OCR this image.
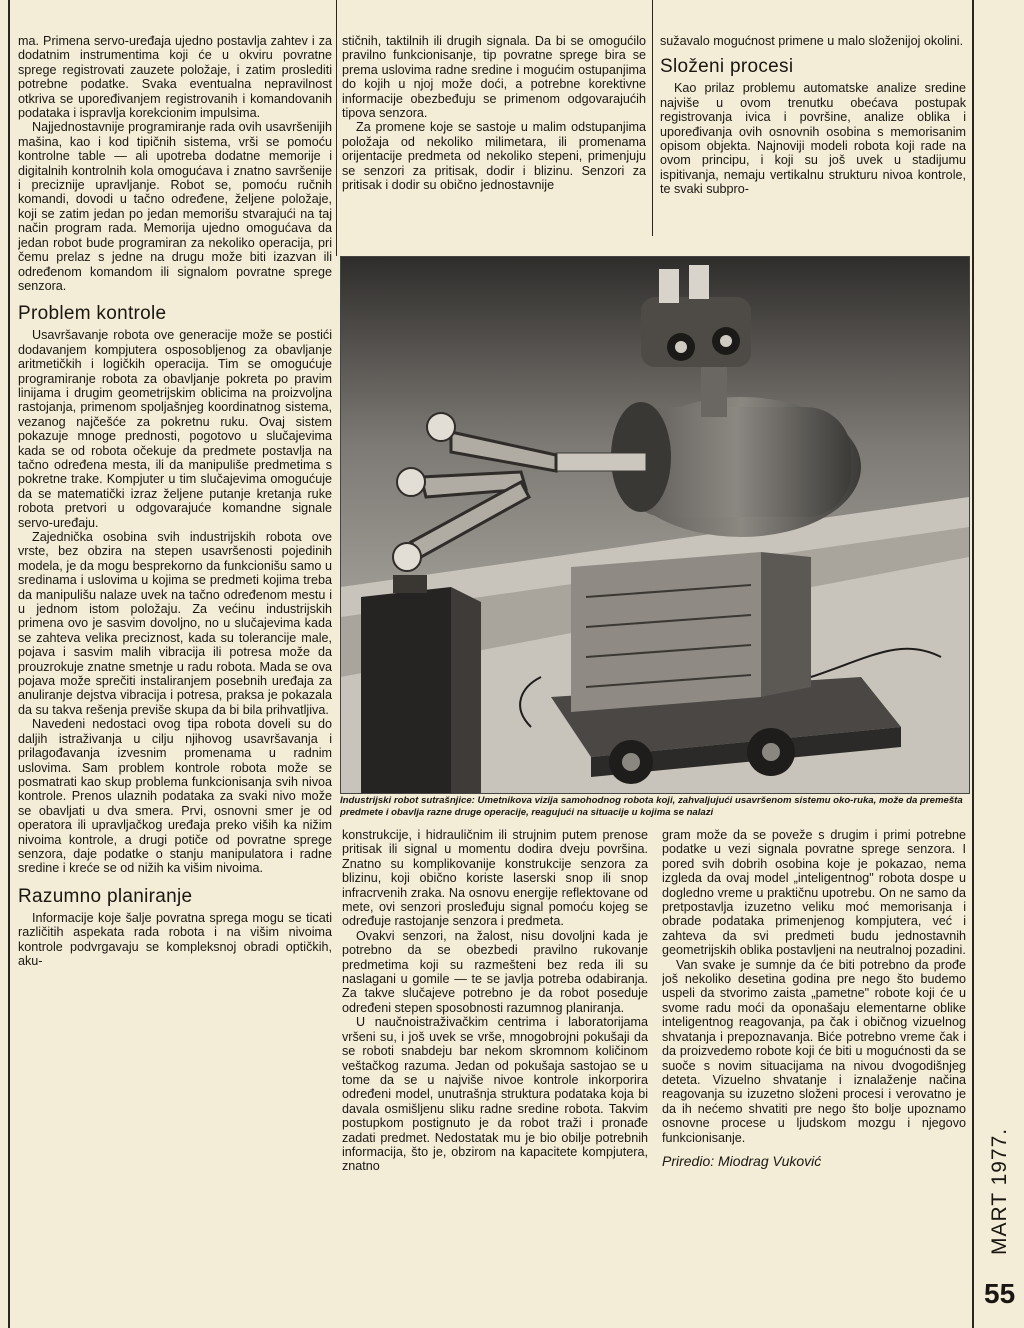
ma. Primena servo-uređaja ujedno postavlja zahtev i za dodatnim instrumentima koji će u okviru povratne sprege registrovati zauzete položaje, i zatim proslediti potrebne podatke. Svaka eventualna nepravilnost otkriva se upoređivanjem registrovanih i komandovanih podataka i ispravlja korekcionim impulsima.

Najjednostavnije programiranje rada ovih usavršenijih mašina, kao i kod tipičnih sistema, vrši se pomoću kontrolne table — ali upotreba dodatne memorije i digitalnih kontrolnih kola omogućava i znatno savršenije i preciznije upravljanje. Robot se, pomoću ručnih komandi, dovodi u tačno određene, željene položaje, koji se zatim jedan po jedan memorišu stvarajući na taj način program rada. Memorija ujedno omogućava da jedan robot bude programiran za nekoliko operacija, pri čemu prelaz s jedne na drugu može biti izazvan ili određenom komandom ili signalom povratne sprege senzora.

Problem kontrole

Usavršavanje robota ove generacije može se postići dodavanjem kompjutera osposobljenog za obavljanje aritmetičkih i logičkih operacija. Tim se omogućuje programiranje robota za obavljanje pokreta po pravim linijama i drugim geometrijskim oblicima na proizvoljna rastojanja, primenom spoljašnjeg koordinatnog sistema, vezanog najčešće za pokretnu ruku. Ovaj sistem pokazuje mnoge prednosti, pogotovo u slučajevima kada se od robota očekuje da predmete postavlja na tačno određena mesta, ili da manipuliše predmetima s pokretne trake. Kompjuter u tim slučajevima omogućuje da se matematički izraz željene putanje kretanja ruke robota pretvori u odgovarajuće komandne signale servo-uređaju.

Zajednička osobina svih industrijskih robota ove vrste, bez obzira na stepen usavršenosti pojedinih modela, je da mogu besprekorno da funkcionišu samo u sredinama i uslovima u kojima se predmeti kojima treba da manipulišu nalaze uvek na tačno određenom mestu i u jednom istom položaju. Za većinu industrijskih primena ovo je sasvim dovoljno, no u slučajevima kada se zahteva velika preciznost, kada su tolerancije male, pojava i sasvim malih vibracija ili potresa može da prouzrokuje znatne smetnje u radu robota. Mada se ova pojava može sprečiti instaliranjem posebnih uređaja za anuliranje dejstva vibracija i potresa, praksa je pokazala da su takva rešenja previše skupa da bi bila prihvatljiva.

Navedeni nedostaci ovog tipa robota doveli su do daljih istraživanja u cilju njihovog usavršavanja i prilagođavanja izvesnim promenama u radnim uslovima. Sam problem kontrole robota može se posmatrati kao skup problema funkcionisanja svih nivoa kontrole. Prenos ulaznih podataka za svaki nivo može se obavljati u dva smera. Prvi, osnovni smer je od operatora ili upravljačkog uređaja preko viših ka nižim nivoima kontrole, a drugi potiče od povratne sprege senzora, daje podatke o stanju manipulatora i radne sredine i kreće se od nižih ka višim nivoima.

Razumno planiranje

Informacije koje šalje povratna sprega mogu se ticati različitih aspekata rada robota i na višim nivoima kontrole podvrgavaju se kompleksnoj obradi optičkih, aku-

stičnih, taktilnih ili drugih signala. Da bi se omogućilo pravilno funkcionisanje, tip povratne sprege bira se prema uslovima radne sredine i mogućim ostupanjima do kojih u njoj može doći, a potrebne korektivne informacije obezbeđuju se primenom odgovarajućih tipova senzora.

Za promene koje se sastoje u malim odstupanjima položaja od nekoliko milimetara, ili promenama orijentacije predmeta od nekoliko stepeni, primenjuju se senzori za pritisak, dodir i blizinu. Senzori za pritisak i dodir su obično jednostavnije

sužavalo mogućnost primene u malo složenijoj okolini.

Složeni procesi

Kao prilaz problemu automatske analize sredine najviše u ovom trenutku obećava postupak registrovanja ivica i površine, analize oblika i upoređivanja ovih osnovnih osobina s memorisanim opisom objekta. Najnoviji modeli robota koji rade na ovom principu, i koji su još uvek u stadijumu ispitivanja, nemaju vertikalnu strukturu nivoa kontrole, te svaki subpro-

Industrijski robot sutrašnjice: Umetnikova vizija samohodnog robota koji, zahvaljujući usavršenom sistemu oko-ruka, može da premešta predmete i obavlja razne druge operacije, reagujući na situacije u kojima se nalazi

konstrukcije, i hidrauličnim ili strujnim putem prenose pritisak ili signal u momentu dodira dveju površina. Znatno su komplikovanije konstrukcije senzora za blizinu, koji obično koriste laserski snop ili snop infracrvenih zraka. Na osnovu energije reflektovane od mete, ovi senzori prosleđuju signal pomoću kojeg se određuje rastojanje senzora i predmeta.

Ovakvi senzori, na žalost, nisu dovoljni kada je potrebno da se obezbedi pravilno rukovanje predmetima koji su razmešteni bez reda ili su naslagani u gomile — te se javlja potreba odabiranja. Za takve slučajeve potrebno je da robot poseduje određeni stepen sposobnosti razumnog planiranja.

U naučnoistraživačkim centrima i laboratorijama vršeni su, i još uvek se vrše, mnogobrojni pokušaji da se roboti snabdeju bar nekom skromnom količinom veštačkog razuma. Jedan od pokušaja sastojao se u tome da se u najviše nivoe kontrole inkorporira određeni model, unutrašnja struktura podataka koja bi davala osmišljenu sliku radne sredine robota. Takvim postupkom postignuto je da robot traži i pronađe zadati predmet. Nedostatak mu je bio obilje potrebnih informacija, što je, obzirom na kapacitete kompjutera, znatno

gram može da se poveže s drugim i primi potrebne podatke u vezi signala povratne sprege senzora. I pored svih dobrih osobina koje je pokazao, nema izgleda da ovaj model „inteligentnog" robota dospe u dogledno vreme u praktičnu upotrebu. On ne samo da pretpostavlja izuzetno veliku moć memorisanja i obrade podataka primenjenog kompjutera, već i zahteva da svi predmeti budu jednostavnih geometrijskih oblika postavljeni na neutralnoj pozadini.

Van svake je sumnje da će biti potrebno da prođe još nekoliko desetina godina pre nego što budemo uspeli da stvorimo zaista „pametne" robote koji će u svome radu moći da oponašaju elementarne oblike inteligentnog reagovanja, pa čak i običnog vizuelnog shvatanja i prepoznavanja. Biće potrebno vreme čak i da proizvedemo robote koji će biti u mogućnosti da se suoče s novim situacijama na nivou dvogodišnjeg deteta. Vizuelno shvatanje i iznalaženje načina reagovanja su izuzetno složeni procesi i verovatno je da ih nećemo shvatiti pre nego što bolje upoznamo osnovne procese u ljudskom mozgu i njegovo funkcionisanje.

Priredio: Miodrag Vuković	MART 1977.
55
